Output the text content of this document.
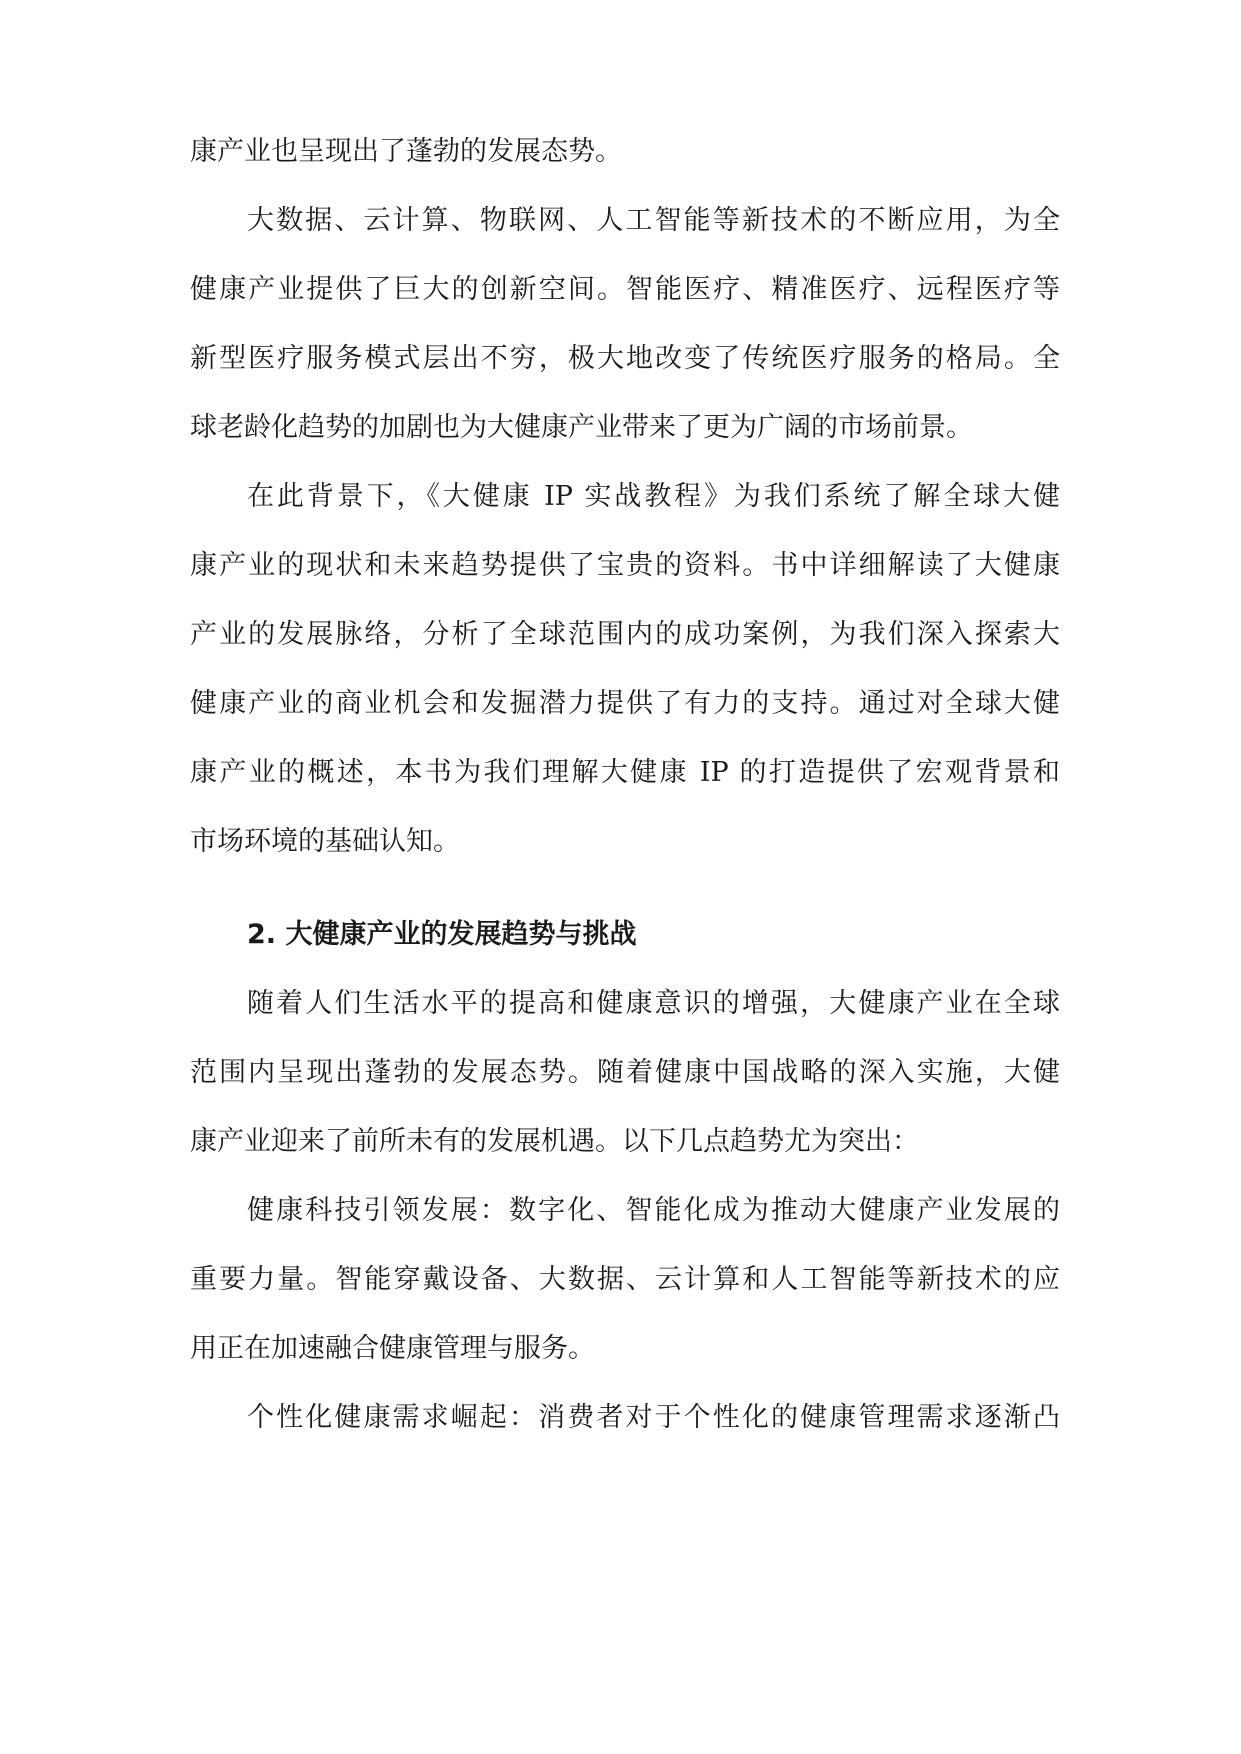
康产业也呈现出了蓬勃的发展态势。
大数据、云计算、物联网、人工智能等新技术的不断应用，为全
健康产业提供了巨大的创新空间。智能医疗、精准医疗、远程医疗等
新型医疗服务模式层出不穷，极大地改变了传统医疗服务的格局。全
球老龄化趋势的加剧也为大健康产业带来了更为广阔的市场前景。
在此背景下，《大健康 IP 实战教程》为我们系统了解全球大健
康产业的现状和未来趋势提供了宝贵的资料。书中详细解读了大健康
产业的发展脉络，分析了全球范围内的成功案例，为我们深入探索大
健康产业的商业机会和发掘潜力提供了有力的支持。通过对全球大健
康产业的概述，本书为我们理解大健康 IP 的打造提供了宏观背景和
市场环境的基础认知。
2. 大健康产业的发展趋势与挑战
随着人们生活水平的提高和健康意识的增强，大健康产业在全球
范围内呈现出蓬勃的发展态势。随着健康中国战略的深入实施，大健
康产业迎来了前所未有的发展机遇。以下几点趋势尤为突出：
健康科技引领发展：数字化、智能化成为推动大健康产业发展的
重要力量。智能穿戴设备、大数据、云计算和人工智能等新技术的应
用正在加速融合健康管理与服务。
个性化健康需求崛起：消费者对于个性化的健康管理需求逐渐凸
